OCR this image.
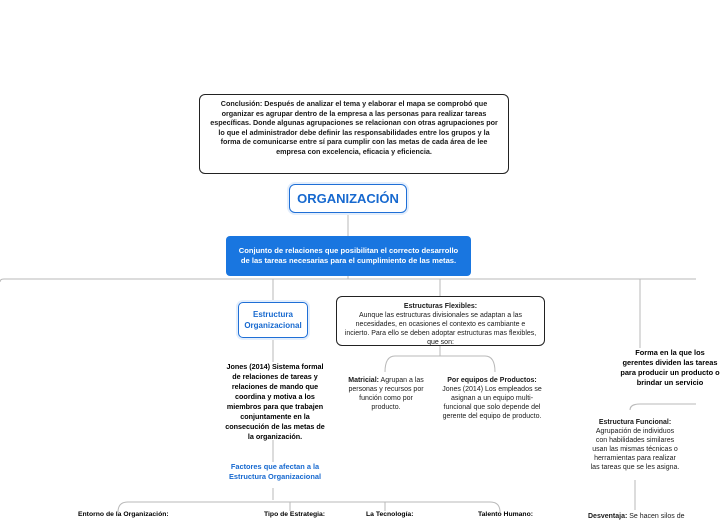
Conclusión: Después de analizar el tema y elaborar el mapa se comprobó que organizar es agrupar dentro de la empresa a las personas para realizar tareas específicas. Donde algunas agrupaciones se relacionan con otras agrupaciones por lo que el administrador debe definir las responsabilidades entre los grupos y la forma de comunicarse entre sí para cumplir con las metas de cada área de lee empresa con excelencia, eficacia y eficiencia.
ORGANIZACIÓN
Conjunto de relaciones que posibilitan el correcto desarrollo de las tareas necesarias para el cumplimiento de las metas.
Estructura Organizacional
Estructuras Flexibles:
Aunque las estructuras divisionales se adaptan a las necesidades, en ocasiones el contexto es cambiante e incierto. Para ello se deben adoptar estructuras mas flexibles, que son:
Jones (2014) Sistema formal de relaciones de tareas y relaciones de mando que coordina y motiva a los miembros para que trabajen conjuntamente en la consecución de las metas de la organización.
Factores que afectan a la Estructura Organizacional
Matricial: Agrupan a las personas y recursos por función como por producto.
Por equipos de Productos:
Jones (2014) Los empleados se asignan a un equipo multi-funcional que solo depende del gerente del equipo de producto.
Forma en la que los gerentes dividen las tareas para producir un producto o brindar un servicio
Estructura Funcional:
Agrupación de individuos con habilidades similares usan las mismas técnicas o herramientas para realizar las tareas que se les asigna.
Desventaja: Se hacen silos de
Entorno de la Organización:	Tipo de Estrategia:	La Tecnología:	Talento Humano:
